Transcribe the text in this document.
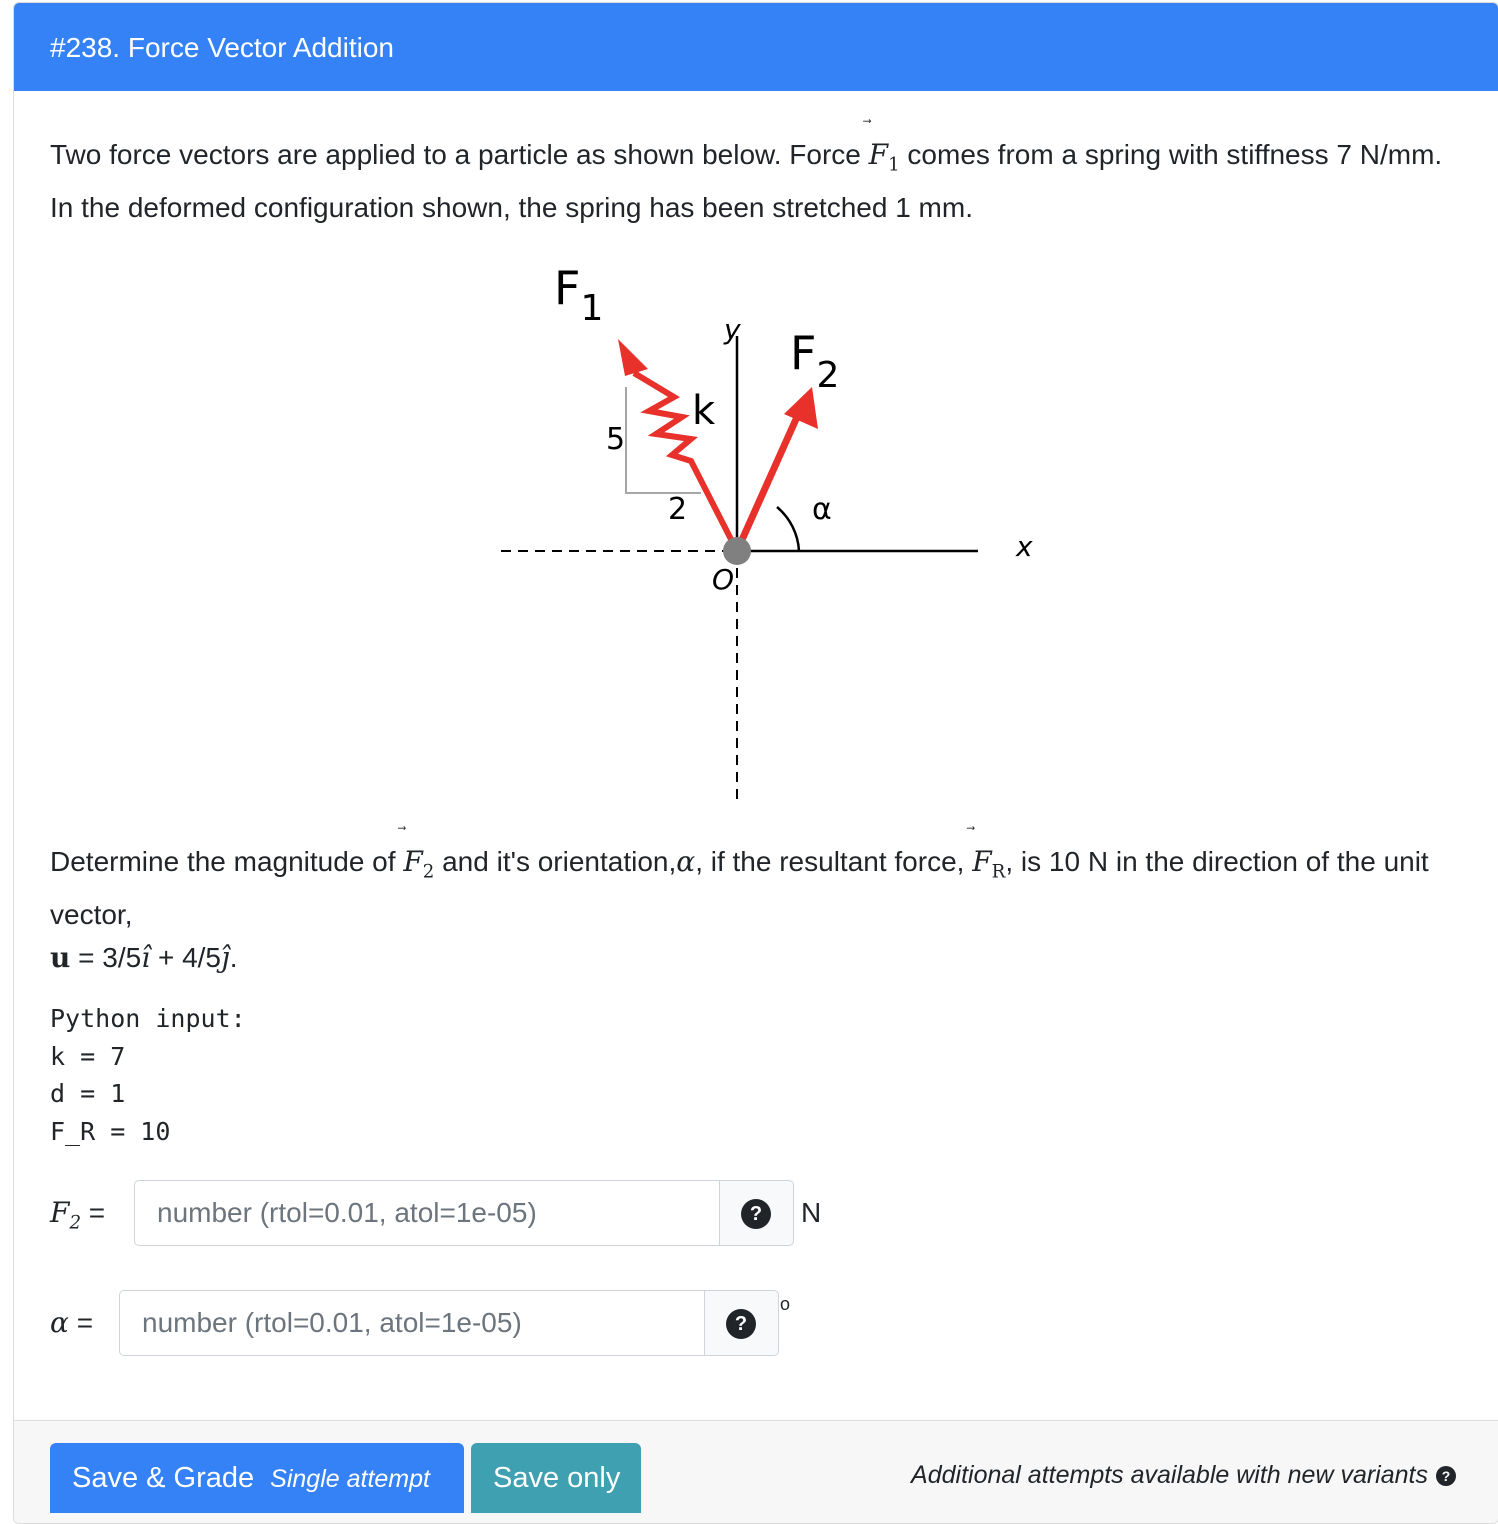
#238. Force Vector Addition

Two force vectors are applied to a particle as shown below. Force
$F_1$ comes from a spring with stiffness 7 N/mm. In the deformed configuration shown, the spring has been stretched 1 mm.

$F_1$
$F_2$
k
y
x
O
α
5
2
Determine the magnitude of
$F_2$ and it's orientation,α, if the resultant force,
$F_R$, is 10 N in the direction of the unit vector,
u = 3/5ı̂ + 4/5ȷ̂.
Python input:
k = 7
d = 1
F_R = 10
$F_2$ =
number (rtol=0.01, atol=1e-05)	?	N
α =
number (rtol=0.01, atol=1e-05)	?
o
Save & Grade Single attempt	Save only	Additional attempts available with new variants ?
